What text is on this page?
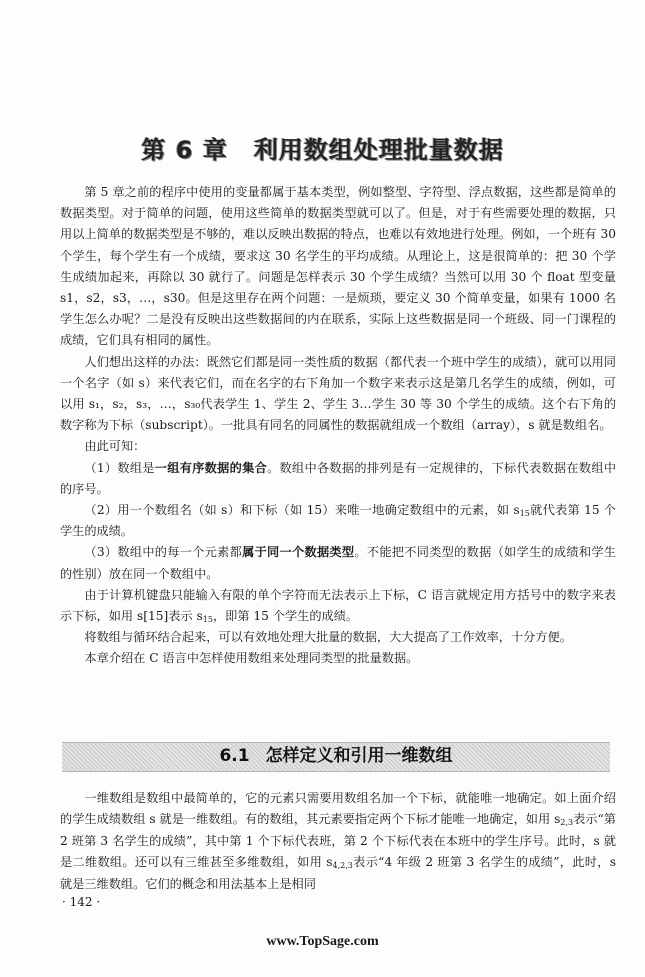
第 6 章 利用数组处理批量数据

第 5 章之前的程序中使用的变量都属于基本类型，例如整型、字符型、浮点数据，这些都是简单的数据类型。对于简单的问题，使用这些简单的数据类型就可以了。但是，对于有些需要处理的数据，只用以上简单的数据类型是不够的，难以反映出数据的特点，也难以有效地进行处理。例如，一个班有 30 个学生，每个学生有一个成绩，要求这 30 名学生的平均成绩。从理论上，这是很简单的：把 30 个学生成绩加起来，再除以 30 就行了。问题是怎样表示 30 个学生成绩？当然可以用 30 个 float 型变量 s1，s2，s3，…，s30。但是这里存在两个问题：一是烦琐，要定义 30 个简单变量，如果有 1000 名学生怎么办呢？二是没有反映出这些数据间的内在联系，实际上这些数据是同一个班级、同一门课程的成绩，它们具有相同的属性。

人们想出这样的办法：既然它们都是同一类性质的数据（都代表一个班中学生的成绩），就可以用同一个名字（如 s）来代表它们，而在名字的右下角加一个数字来表示这是第几名学生的成绩，例如，可以用 s₁，s₂，s₃，…，s₃₀代表学生 1、学生 2、学生 3…学生 30 等 30 个学生的成绩。这个右下角的数字称为下标（subscript）。一批具有同名的同属性的数据就组成一个数组（array），s 就是数组名。

由此可知：

（1）数组是一组有序数据的集合。数组中各数据的排列是有一定规律的，下标代表数据在数组中的序号。

（2）用一个数组名（如 s）和下标（如 15）来唯一地确定数组中的元素，如 $s_{15}$就代表第 15 个学生的成绩。

（3）数组中的每一个元素都属于同一个数据类型。不能把不同类型的数据（如学生的成绩和学生的性别）放在同一个数组中。

由于计算机键盘只能输入有限的单个字符而无法表示上下标，C 语言就规定用方括号中的数字来表示下标，如用 s[15]表示 $s_{15}$，即第 15 个学生的成绩。

将数组与循环结合起来，可以有效地处理大批量的数据，大大提高了工作效率，十分方便。

本章介绍在 C 语言中怎样使用数组来处理同类型的批量数据。

6.1 怎样定义和引用一维数组

一维数组是数组中最简单的，它的元素只需要用数组名加一个下标，就能唯一地确定。如上面介绍的学生成绩数组 s 就是一维数组。有的数组，其元素要指定两个下标才能唯一地确定，如用 $s_{2,3}$表示“第 2 班第 3 名学生的成绩”，其中第 1 个下标代表班，第 2 个下标代表在本班中的学生序号。此时，s 就是二维数组。还可以有三维甚至多维数组，如用 $s_{4,2,3}$表示“4 年级 2 班第 3 名学生的成绩”，此时，s 就是三维数组。它们的概念和用法基本上是相同

· 142 ·
www.TopSage.com
